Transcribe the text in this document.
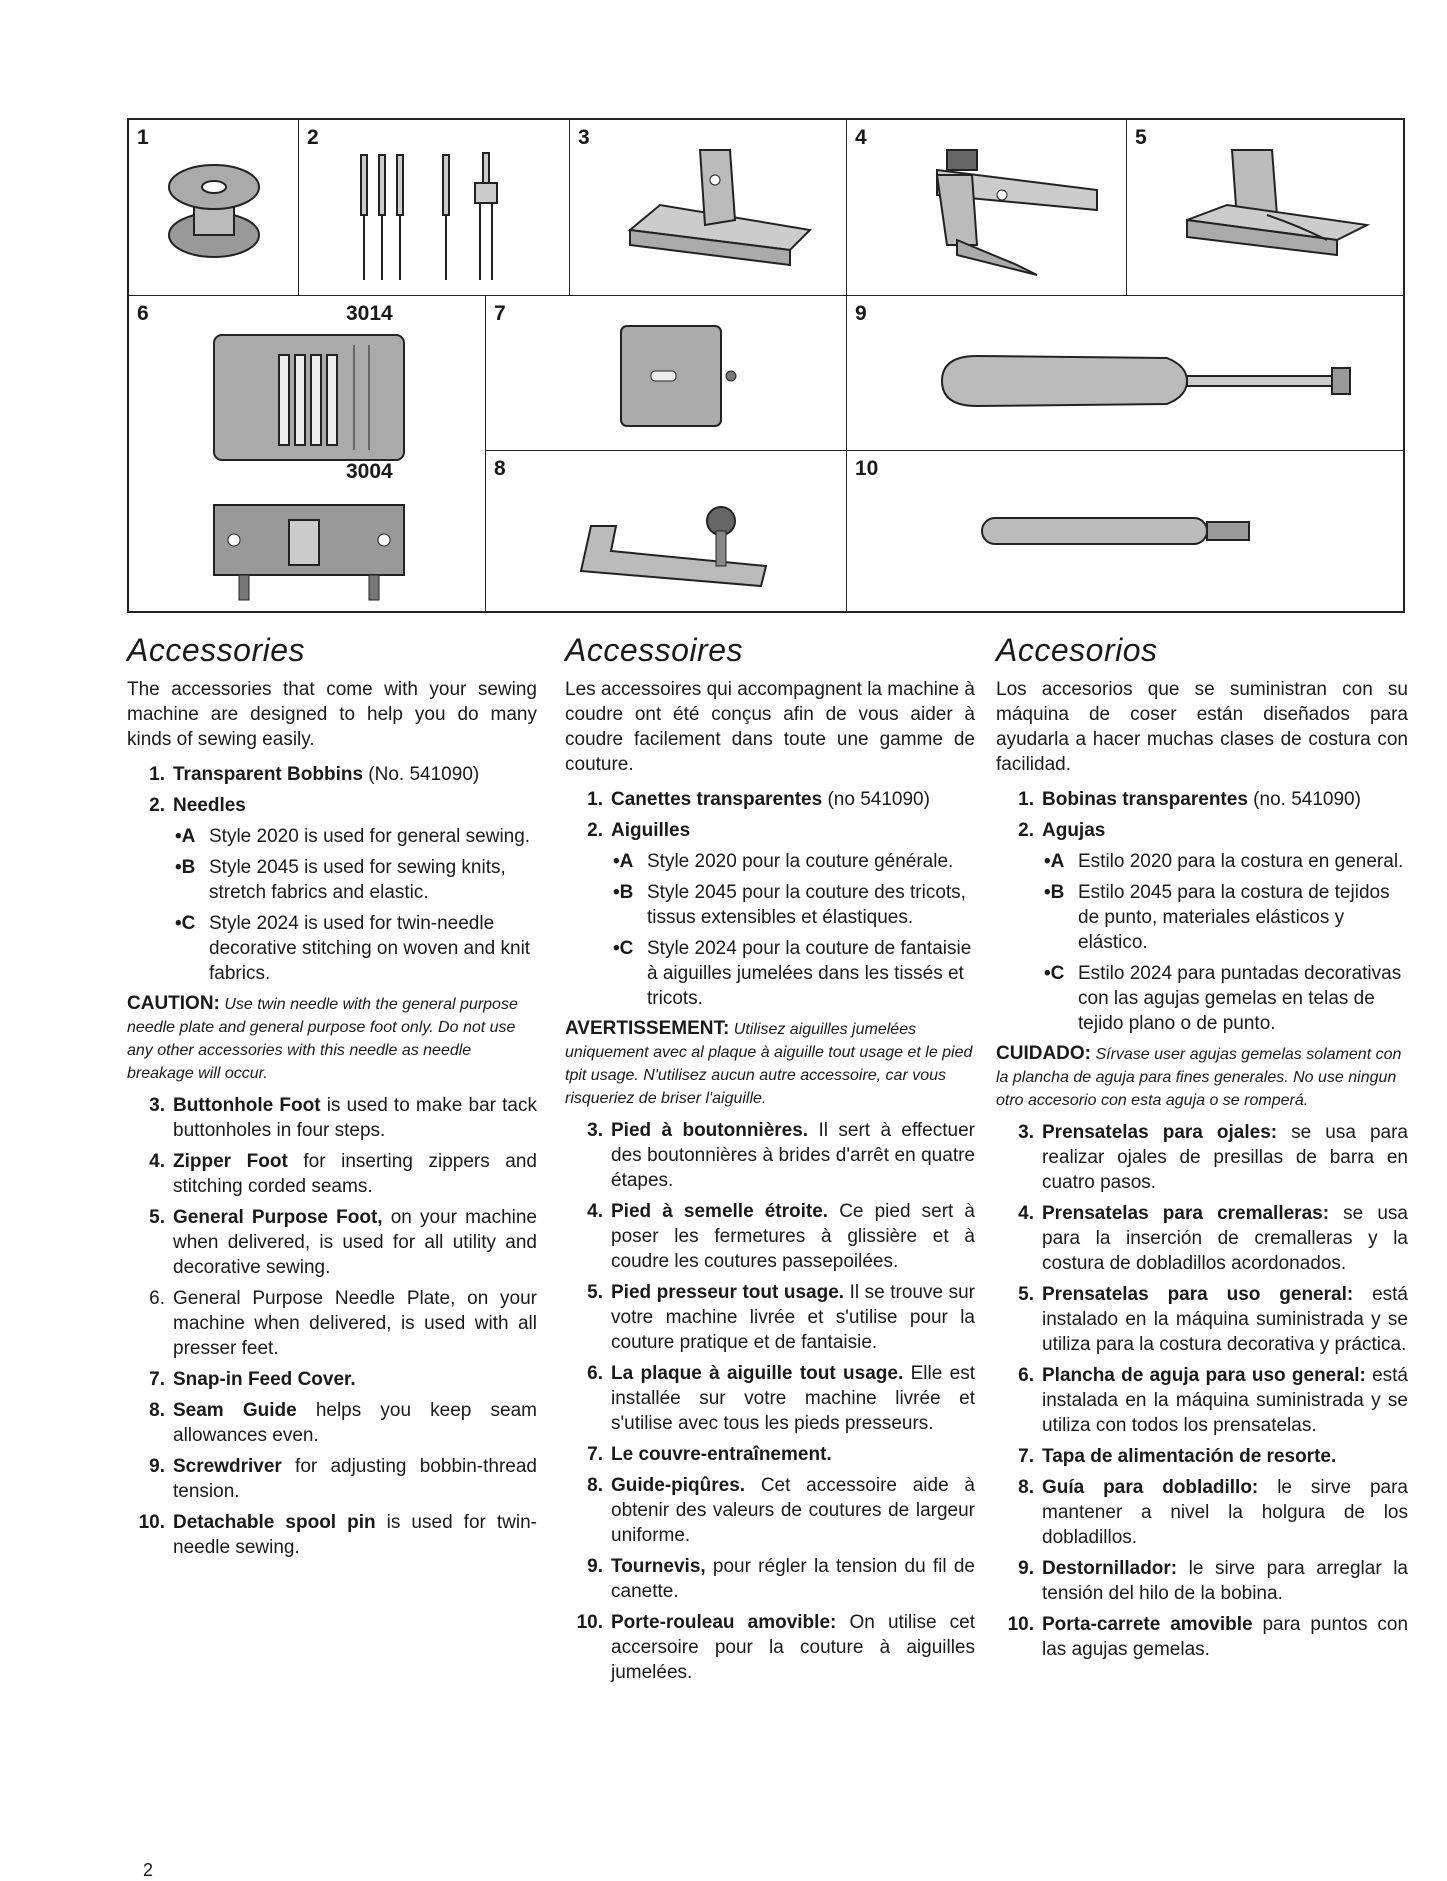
1	2	3	4	5
6	3014
3004
7	9
8	10
Accessories

The accessories that come with your sewing machine are designed to help you do many kinds of sewing easily.

1. Transparent Bobbins (No. 541090)
2. Needles
•A Style 2020 is used for general sewing.
•B Style 2045 is used for sewing knits, stretch fabrics and elastic.
•C Style 2024 is used for twin-needle decorative stitching on woven and knit fabrics.
CAUTION: Use twin needle with the general purpose needle plate and general purpose foot only. Do not use any other accessories with this needle as needle breakage will occur.
3. Buttonhole Foot is used to make bar tack buttonholes in four steps.
4. Zipper Foot for inserting zippers and stitching corded seams.
5. General Purpose Foot, on your machine when delivered, is used for all utility and decorative sewing.
6. General Purpose Needle Plate, on your machine when delivered, is used with all presser feet.
7. Snap-in Feed Cover.
8. Seam Guide helps you keep seam allowances even.
9. Screwdriver for adjusting bobbin-thread tension.
10. Detachable spool pin is used for twin-needle sewing.
Accessoires

Les accessoires qui accompagnent la machine à coudre ont été conçus afin de vous aider à coudre facilement dans toute une gamme de couture.

1. Canettes transparentes (no 541090)
2. Aiguilles
•A Style 2020 pour la couture générale.
•B Style 2045 pour la couture des tricots, tissus extensibles et élastiques.
•C Style 2024 pour la couture de fantaisie à aiguilles jumelées dans les tissés et tricots.
AVERTISSEMENT: Utilisez aiguilles jumelées uniquement avec al plaque à aiguille tout usage et le pied tpit usage. N'utilisez aucun autre accessoire, car vous risqueriez de briser l'aiguille.
3. Pied à boutonnières. Il sert à effectuer des boutonnières à brides d'arrêt en quatre étapes.
4. Pied à semelle étroite. Ce pied sert à poser les fermetures à glissière et à coudre les coutures passepoilées.
5. Pied presseur tout usage. Il se trouve sur votre machine livrée et s'utilise pour la couture pratique et de fantaisie.
6. La plaque à aiguille tout usage. Elle est installée sur votre machine livrée et s'utilise avec tous les pieds presseurs.
7. Le couvre-entraînement.
8. Guide-piqûres. Cet accessoire aide à obtenir des valeurs de coutures de largeur uniforme.
9. Tournevis, pour régler la tension du fil de canette.
10. Porte-rouleau amovible: On utilise cet accersoire pour la couture à aiguilles jumelées.
Accesorios

Los accesorios que se suministran con su máquina de coser están diseñados para ayudarla a hacer muchas clases de costura con facilidad.

1. Bobinas transparentes (no. 541090)
2. Agujas
•A Estilo 2020 para la costura en general.
•B Estilo 2045 para la costura de tejidos de punto, materiales elásticos y elástico.
•C Estilo 2024 para puntadas decorativas con las agujas gemelas en telas de tejido plano o de punto.
CUIDADO: Sírvase user agujas gemelas solament con la plancha de aguja para fines generales. No use ningun otro accesorio con esta aguja o se romperá.
3. Prensatelas para ojales: se usa para realizar ojales de presillas de barra en cuatro pasos.
4. Prensatelas para cremalleras: se usa para la inserción de cremalleras y la costura de dobladillos acordonados.
5. Prensatelas para uso general: está instalado en la máquina suministrada y se utiliza para la costura decorativa y práctica.
6. Plancha de aguja para uso general: está instalada en la máquina suministrada y se utiliza con todos los prensatelas.
7. Tapa de alimentación de resorte.
8. Guía para dobladillo: le sirve para mantener a nivel la holgura de los dobladillos.
9. Destornillador: le sirve para arreglar la tensión del hilo de la bobina.
10. Porta-carrete amovible para puntos con las agujas gemelas.
2
